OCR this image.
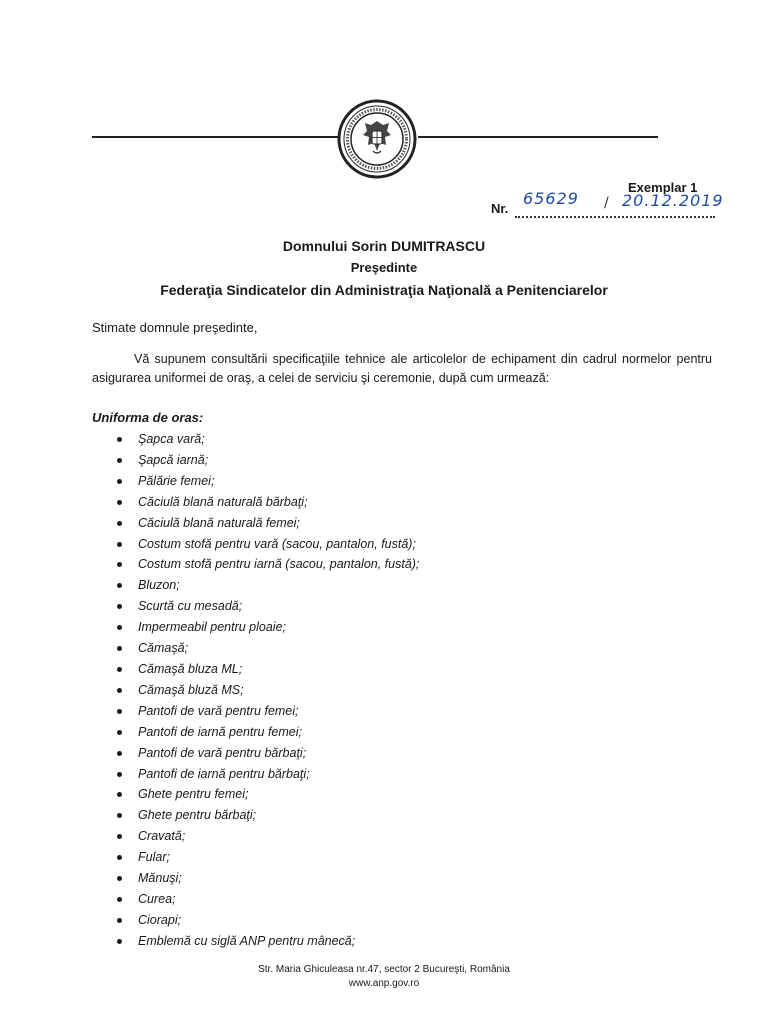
Exemplar 1
Nr.
65629 / 20.12.2019
Domnului Sorin DUMITRASCU
Preşedinte
Federaţia Sindicatelor din Administraţia Naţională a Penitenciarelor
Stimate domnule preşedinte,
Vă supunem consultării specificaţiile tehnice ale articolelor de echipament din cadrul normelor pentru asigurarea uniformei de oraş, a celei de serviciu şi ceremonie, după cum urmează:
Uniforma de oras:
Şapca vară;
Şapcă iarnă;
Pălărie femei;
Căciulă blană naturală bărbaţi;
Căciulă blană naturală femei;
Costum stofă pentru vară (sacou, pantalon, fustă);
Costum stofă pentru iarnă (sacou, pantalon, fustă);
Bluzon;
Scurtă cu mesadă;
Impermeabil pentru ploaie;
Cămaşă;
Cămaşă bluza ML;
Cămaşă bluză MS;
Pantofi de vară pentru femei;
Pantofi de iarnă pentru femei;
Pantofi de vară pentru bărbaţi;
Pantofi de iarnă pentru bărbaţi;
Ghete pentru femei;
Ghete pentru bărbaţi;
Cravată;
Fular;
Mănuşi;
Curea;
Ciorapi;
Emblemă cu siglă ANP pentru mânecă;
Str. Maria Ghiculeasa nr.47, sector 2 Bucureşti, România
www.anp.gov.ro
